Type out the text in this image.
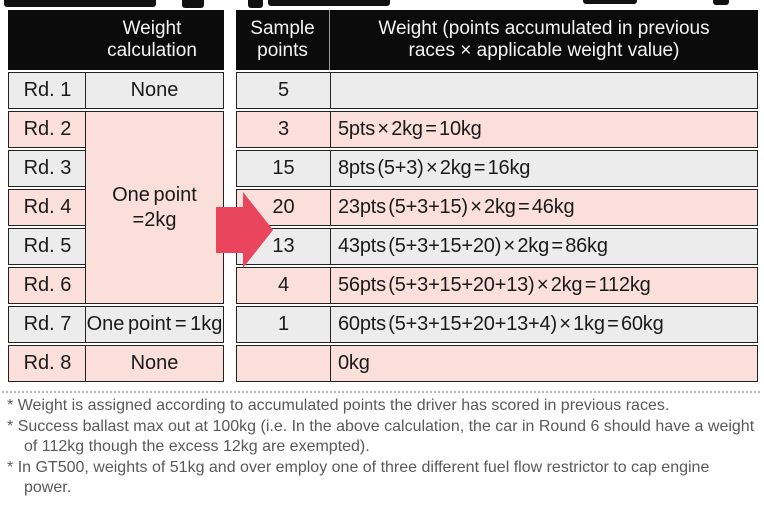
Weight calculation
Rd. 1
Rd. 2
Rd. 3
Rd. 4
Rd. 5
Rd. 6
Rd. 7
Rd. 8
None
One point
=2kg
One point = 1kg
None
Sample points
Weight (points accumulated in previous races × applicable weight value)
5
3 5pts × 2kg = 10kg
15 8pts (5+3) × 2kg = 16kg
20 23pts (5+3+15) × 2kg = 46kg
13 43pts (5+3+15+20) × 2kg = 86kg
4 56pts (5+3+15+20+13) × 2kg = 112kg
1 60pts (5+3+15+20+13+4) × 1kg = 60kg
0kg
* Weight is assigned according to accumulated points the driver has scored in previous races.
* Success ballast max out at 100kg (i.e. In the above calculation, the car in Round 6 should have a weight of 112kg though the excess 12kg are exempted).
* In GT500, weights of 51kg and over employ one of three different fuel flow restrictor to cap engine power.
